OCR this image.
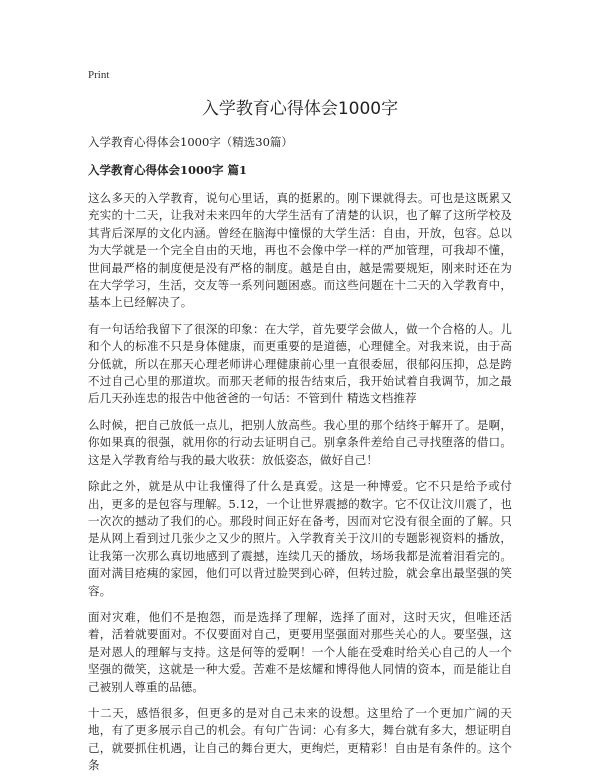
Print
入学教育心得体会1000字
入学教育心得体会1000字（精选30篇）
入学教育心得体会1000字 篇1

这么多天的入学教育，说句心里话，真的挺累的。刚下课就得去。可也是这既累又充实的十二天，让我对未来四年的大学生活有了清楚的认识，也了解了这所学校及其背后深厚的文化内涵。曾经在脑海中憧憬的大学生活：自由，开放，包容。总以为大学就是一个完全自由的天地，再也不会像中学一样的严加管理，可我却不懂，世间最严格的制度便是没有严格的制度。越是自由，越是需要规矩，刚来时还在为在大学学习，生活，交友等一系列问题困惑。而这些问题在十二天的入学教育中，基本上已经解决了。

有一句话给我留下了很深的印象：在大学，首先要学会做人，做一个合格的人。儿和个人的标准不只是身体健康，而更重要的是道德，心理健全。对我来说，由于高分低就，所以在那天心理老师讲心理健康前心里一直很委屈，很郁闷压抑，总是跨不过自己心里的那道坎。而那天老师的报告结束后，我开始试着自我调节，加之最后几天孙连忠的报告中他爸爸的一句话：不管到什 精选文档推荐

么时候，把自己放低一点儿，把别人放高些。我心里的那个结终于解开了。是啊，你如果真的很强，就用你的行动去证明自己。别拿条件差给自己寻找堕落的借口。这是入学教育给与我的最大收获：放低姿态，做好自己！

除此之外，就是从中让我懂得了什么是真爱。这是一种博爱。它不只是给予或付出，更多的是包容与理解。5.12，一个让世界震撼的数字。它不仅让汶川震了，也一次次的撼动了我们的心。那段时间正好在备考，因而对它没有很全面的了解。只是从网上看到过几张少之又少的照片。入学教育关于汶川的专题影视资料的播放，让我第一次那么真切地感到了震撼，连续几天的播放，场场我都是流着泪看完的。面对满目疮痍的家园，他们可以背过脸哭到心碎，但转过脸，就会拿出最坚强的笑容。

面对灾难，他们不是抱怨，而是选择了理解，选择了面对，这时天灾，但唯还活着，活着就要面对。不仅要面对自己，更要用坚强面对那些关心的人。要坚强，这是对恩人的理解与支持。这是何等的爱啊！一个人能在受难时给关心自己的人一个坚强的微笑，这就是一种大爱。苦难不是炫耀和博得他人同情的资本，而是能让自己被别人尊重的品德。

十二天，感悟很多，但更多的是对自己未来的设想。这里给了一个更加广阔的天地，有了更多展示自己的机会。有句广告词：心有多大，舞台就有多大，想证明自己，就要抓住机遇，让自己的舞台更大，更绚烂，更精彩！自由是有条件的。这个条
